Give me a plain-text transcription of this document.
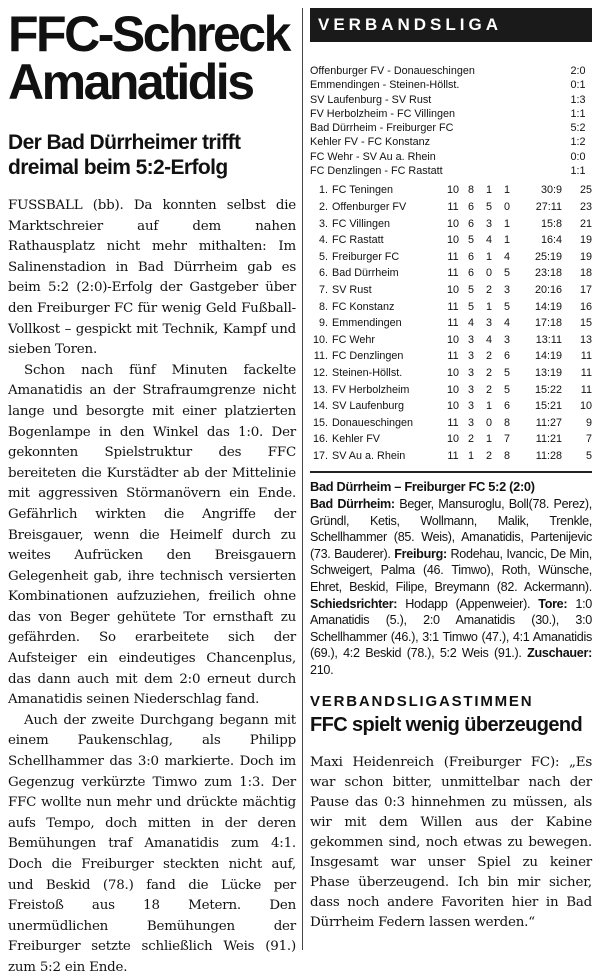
FFC-Schreck
Amanatidis
Der Bad Dürrheimer trifft dreimal beim 5:2-Erfolg

FUSSBALL (bb). Da konnten selbst die Marktschreier auf dem nahen Rathausplatz nicht mehr mithalten: Im Salinenstadion in Bad Dürrheim gab es beim 5:2 (2:0)-Erfolg der Gastgeber über den Freiburger FC für wenig Geld Fußball-Vollkost – gespickt mit Technik, Kampf und sieben Toren.

Schon nach fünf Minuten fackelte Amanatidis an der Strafraumgrenze nicht lange und besorgte mit einer platzierten Bogenlampe in den Winkel das 1:0. Der gekonnten Spielstruktur des FFC bereiteten die Kurstädter ab der Mittelinie mit aggressiven Störmanövern ein Ende. Gefährlich wirkten die Angriffe der Breisgauer, wenn die Heimelf durch zu weites Aufrücken den Breisgauern Gelegenheit gab, ihre technisch versierten Kombinationen aufzuziehen, freilich ohne das von Beger gehütete Tor ernsthaft zu gefährden. So erarbeitete sich der Aufsteiger ein eindeutiges Chancenplus, das dann auch mit dem 2:0 erneut durch Amanatidis seinen Niederschlag fand.

Auch der zweite Durchgang begann mit einem Paukenschlag, als Philipp Schellhammer das 3:0 markierte. Doch im Gegenzug verkürzte Timwo zum 1:3. Der FFC wollte nun mehr und drückte mächtig aufs Tempo, doch mitten in der deren Bemühungen traf Amanatidis zum 4:1. Doch die Freiburger steckten nicht auf, und Beskid (78.) fand die Lücke per Freistoß aus 18 Metern. Den unermüdlichen Bemühungen der Freiburger setzte schließlich Weis (91.) zum 5:2 ein Ende.

VERBANDSLIGA
Offenburger FV - Donaueschingen	2:0
Emmendingen - Steinen-Höllst.	0:1
SV Laufenburg - SV Rust	1:3
FV Herbolzheim - FC Villingen	1:1
Bad Dürrheim - Freiburger FC	5:2
Kehler FV - FC Konstanz	1:2
FC Wehr - SV Au a. Rhein	0:0
FC Denzlingen - FC Rastatt	1:1
1.	FC Teningen	10	8	1	1	30:9	25
2.	Offenburger FV	11	6	5	0	27:11	23
3.	FC Villingen	10	6	3	1	15:8	21
4.	FC Rastatt	10	5	4	1	16:4	19
5.	Freiburger FC	11	6	1	4	25:19	19
6.	Bad Dürrheim	11	6	0	5	23:18	18
7.	SV Rust	10	5	2	3	20:16	17
8.	FC Konstanz	11	5	1	5	14:19	16
9.	Emmendingen	11	4	3	4	17:18	15
10.	FC Wehr	10	3	4	3	13:11	13
11.	FC Denzlingen	11	3	2	6	14:19	11
12.	Steinen-Höllst.	10	3	2	5	13:19	11
13.	FV Herbolzheim	10	3	2	5	15:22	11
14.	SV Laufenburg	10	3	1	6	15:21	10
15.	Donaueschingen	11	3	0	8	11:27	9
16.	Kehler FV	10	2	1	7	11:21	7
17.	SV Au a. Rhein	11	1	2	8	11:28	5
Bad Dürrheim – Freiburger FC 5:2 (2:0)
Bad Dürrheim: Beger, Mansuroglu, Boll(78. Perez), Gründl, Ketis, Wollmann, Malik, Trenkle, Schellhammer (85. Weis), Amanatidis, Partenijevic (73. Bauderer). Freiburg: Rodehau, Ivancic, De Min, Schweigert, Palma (46. Timwo), Roth, Wünsche, Ehret, Beskid, Filipe, Breymann (82. Ackermann). Schiedsrichter: Hodapp (Appenweier). Tore: 1:0 Amanatidis (5.), 2:0 Amanatidis (30.), 3:0 Schellhammer (46.), 3:1 Timwo (47.), 4:1 Amanatidis (69.), 4:2 Beskid (78.), 5:2 Weis (91.). Zuschauer: 210.
VERBANDSLIGASTIMMEN
FFC spielt wenig überzeugend

Maxi Heidenreich (Freiburger FC): „Es war schon bitter, unmittelbar nach der Pause das 0:3 hinnehmen zu müssen, als wir mit dem Willen aus der Kabine gekommen sind, noch etwas zu bewegen. Insgesamt war unser Spiel zu keiner Phase überzeugend. Ich bin mir sicher, dass noch andere Favoriten hier in Bad Dürrheim Federn lassen werden.“
